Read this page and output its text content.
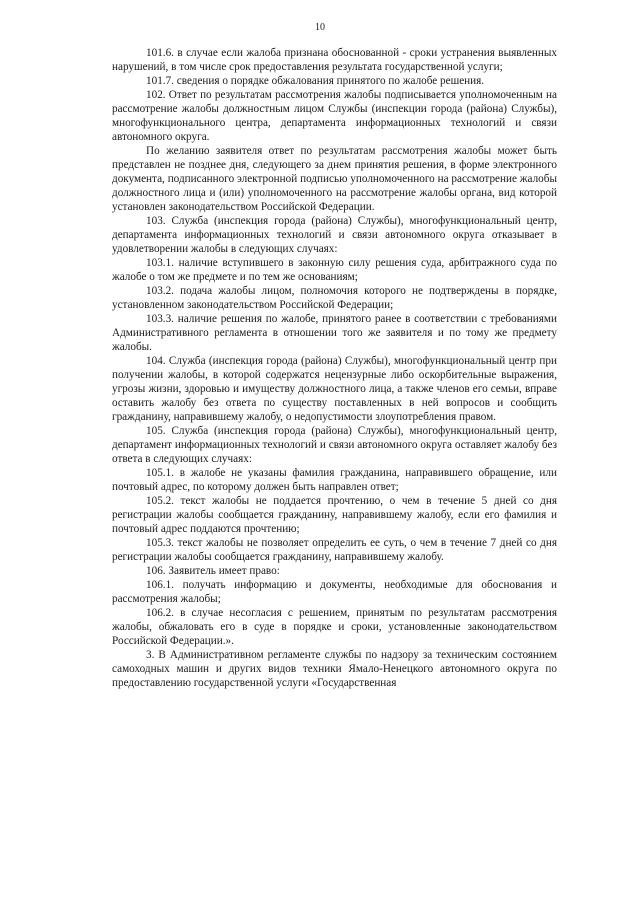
10

101.6. в случае если жалоба признана обоснованной - сроки устранения выявленных нарушений, в том числе срок предоставления результата государственной услуги;

101.7. сведения о порядке обжалования принятого по жалобе решения.

102. Ответ по результатам рассмотрения жалобы подписывается уполномоченным на рассмотрение жалобы должностным лицом Службы (инспекции города (района) Службы), многофункционального центра, департамента информационных технологий и связи автономного округа.

По желанию заявителя ответ по результатам рассмотрения жалобы может быть представлен не позднее дня, следующего за днем принятия решения, в форме электронного документа, подписанного электронной подписью уполномоченного на рассмотрение жалобы должностного лица и (или) уполномоченного на рассмотрение жалобы органа, вид которой установлен законодательством Российской Федерации.

103. Служба (инспекция города (района) Службы), многофункциональный центр, департамента информационных технологий и связи автономного округа отказывает в удовлетворении жалобы в следующих случаях:

103.1. наличие вступившего в законную силу решения суда, арбитражного суда по жалобе о том же предмете и по тем же основаниям;

103.2. подача жалобы лицом, полномочия которого не подтверждены в порядке, установленном законодательством Российской Федерации;

103.3. наличие решения по жалобе, принятого ранее в соответствии с требованиями Административного регламента в отношении того же заявителя и по тому же предмету жалобы.

104. Служба (инспекция города (района) Службы), многофункциональный центр при получении жалобы, в которой содержатся нецензурные либо оскорбительные выражения, угрозы жизни, здоровью и имуществу должностного лица, а также членов его семьи, вправе оставить жалобу без ответа по существу поставленных в ней вопросов и сообщить гражданину, направившему жалобу, о недопустимости злоупотребления правом.

105. Служба (инспекция города (района) Службы), многофункциональный центр, департамент информационных технологий и связи автономного округа оставляет жалобу без ответа в следующих случаях:

105.1. в жалобе не указаны фамилия гражданина, направившего обращение, или почтовый адрес, по которому должен быть направлен ответ;

105.2. текст жалобы не поддается прочтению, о чем в течение 5 дней со дня регистрации жалобы сообщается гражданину, направившему жалобу, если его фамилия и почтовый адрес поддаются прочтению;

105.3. текст жалобы не позволяет определить ее суть, о чем в течение 7 дней со дня регистрации жалобы сообщается гражданину, направившему жалобу.

106. Заявитель имеет право:

106.1. получать информацию и документы, необходимые для обоснования и рассмотрения жалобы;

106.2. в случае несогласия с решением, принятым по результатам рассмотрения жалобы, обжаловать его в суде в порядке и сроки, установленные законодательством Российской Федерации.».

3. В Административном регламенте службы по надзору за техническим состоянием самоходных машин и других видов техники Ямало-Ненецкого автономного округа по предоставлению государственной услуги «Государственная
